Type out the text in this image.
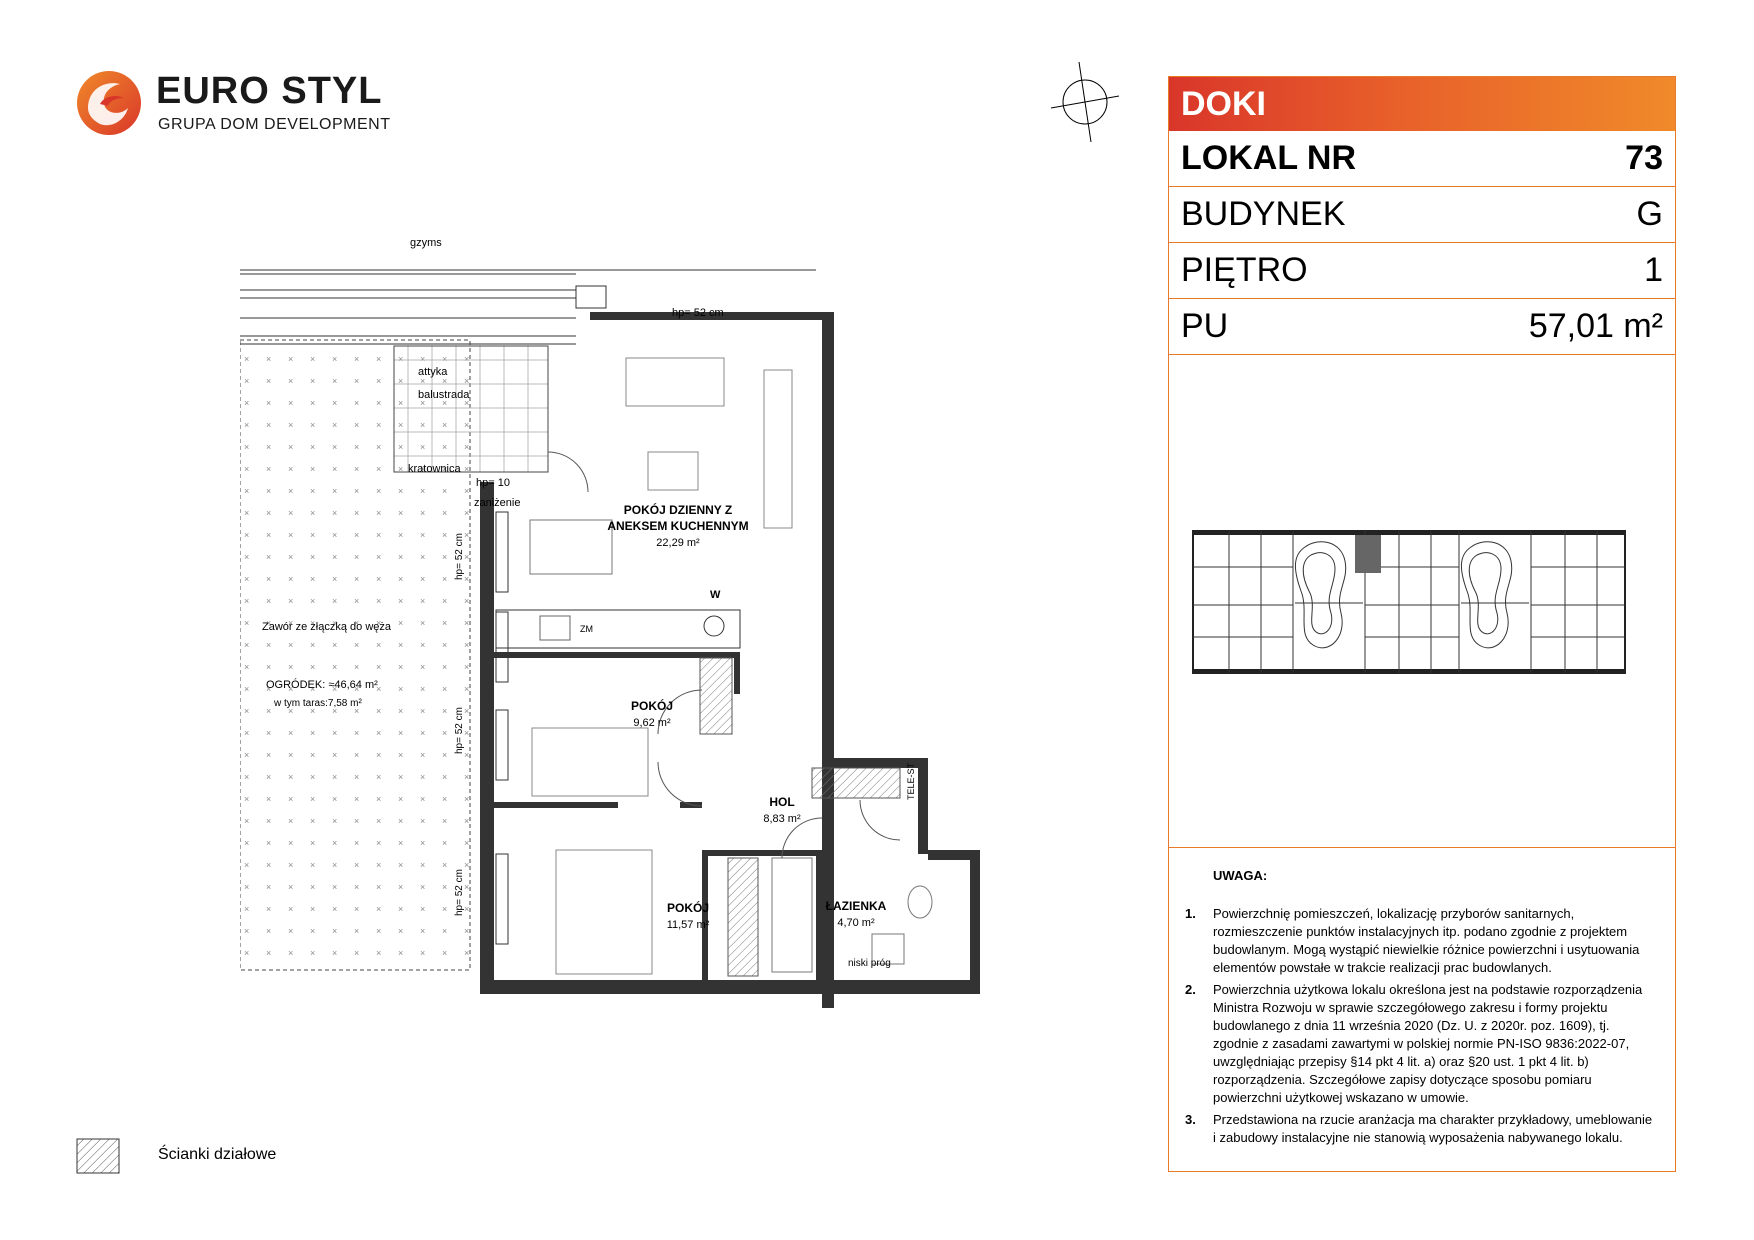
EURO STYL
GRUPA DOM DEVELOPMENT
DOKI
LOKAL NR	73
BUDYNEK	G
PIĘTRO	1
PU	57,01 m²
UWAGA:
1.	Powierzchnię pomieszczeń, lokalizację przyborów sanitarnych, rozmieszczenie punktów instalacyjnych itp. podano zgodnie z projektem budowlanym. Mogą wystąpić niewielkie różnice powierzchni i usytuowania elementów powstałe w trakcie realizacji prac budowlanych.
2.	Powierzchnia użytkowa lokalu określona jest na podstawie rozporządzenia Ministra Rozwoju w sprawie szczegółowego zakresu i formy projektu budowlanego z dnia 11 września 2020 (Dz. U. z 2020r. poz. 1609), tj. zgodnie z zasadami zawartymi w polskiej normie PN-ISO 9836:2022-07, uwzględniając przepisy §14 pkt 4 lit. a) oraz §20 ust. 1 pkt 4 lit. b) rozporządzenia. Szczegółowe zapisy dotyczące sposobu pomiaru powierzchni użytkowej wskazano w umowie.
3.	Przedstawiona na rzucie aranżacja ma charakter przykładowy, umeblowanie i zabudowy instalacyjne nie stanowią wyposażenia nabywanego lokalu.
kratownica
gzyms
attyka
balustrada
hp= 52 cm
hp= 10
zaniżenie
Zawór ze złączką do węża
OGRÓDEK: ≈46,64 m²
w tym taras:7,58 m²
niski próg
W
ZM
TELE-ST
hp= 52 cm
hp= 52 cm
hp= 52 cm
POKÓJ DZIENNY Z
ANEKSEM KUCHENNYM
22,29 m²
POKÓJ
9,62 m²
HOL
8,83 m²
POKÓJ
11,57 m²
ŁAZIENKA
4,70 m²
Ścianki działowe
